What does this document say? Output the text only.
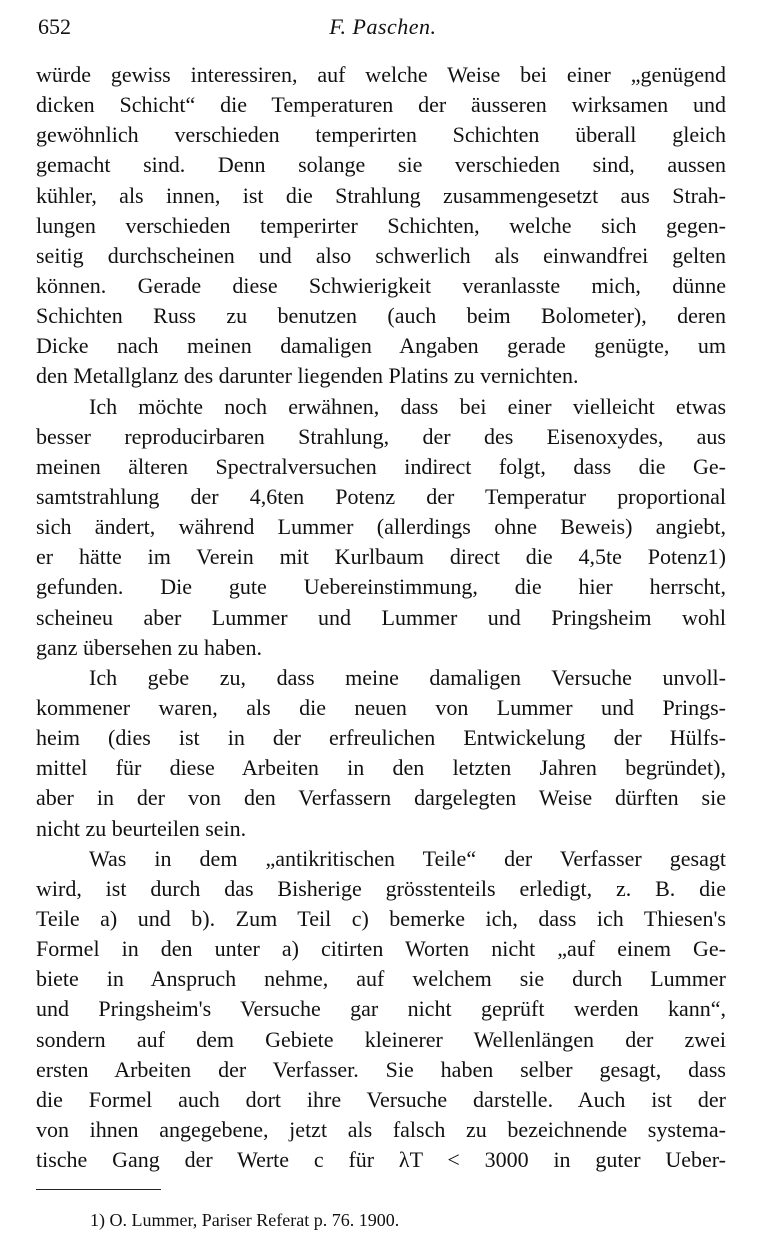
652	F. Paschen.
würde gewiss interessiren, auf welche Weise bei einer „genügend
dicken Schicht“ die Temperaturen der äusseren wirksamen und
gewöhnlich verschieden temperirten Schichten überall gleich
gemacht sind. Denn solange sie verschieden sind, aussen
kühler, als innen, ist die Strahlung zusammengesetzt aus Strah-
lungen verschieden temperirter Schichten, welche sich gegen-
seitig durchscheinen und also schwerlich als einwandfrei gelten
können. Gerade diese Schwierigkeit veranlasste mich, dünne
Schichten Russ zu benutzen (auch beim Bolometer), deren
Dicke nach meinen damaligen Angaben gerade genügte, um
den Metallglanz des darunter liegenden Platins zu vernichten.
Ich möchte noch erwähnen, dass bei einer vielleicht etwas
besser reproducirbaren Strahlung, der des Eisenoxydes, aus
meinen älteren Spectralversuchen indirect folgt, dass die Ge-
samtstrahlung der 4,6ten Potenz der Temperatur proportional
sich ändert, während Lummer (allerdings ohne Beweis) angiebt,
er hätte im Verein mit Kurlbaum direct die 4,5te Potenz1)
gefunden. Die gute Uebereinstimmung, die hier herrscht,
scheineu aber Lummer und Lummer und Pringsheim wohl
ganz übersehen zu haben.
Ich gebe zu, dass meine damaligen Versuche unvoll-
kommener waren, als die neuen von Lummer und Prings-
heim (dies ist in der erfreulichen Entwickelung der Hülfs-
mittel für diese Arbeiten in den letzten Jahren begründet),
aber in der von den Verfassern dargelegten Weise dürften sie
nicht zu beurteilen sein.
Was in dem „antikritischen Teile“ der Verfasser gesagt
wird, ist durch das Bisherige grösstenteils erledigt, z. B. die
Teile a) und b). Zum Teil c) bemerke ich, dass ich Thiesen's
Formel in den unter a) citirten Worten nicht „auf einem Ge-
biete in Anspruch nehme, auf welchem sie durch Lummer
und Pringsheim's Versuche gar nicht geprüft werden kann“,
sondern auf dem Gebiete kleinerer Wellenlängen der zwei
ersten Arbeiten der Verfasser. Sie haben selber gesagt, dass
die Formel auch dort ihre Versuche darstelle. Auch ist der
von ihnen angegebene, jetzt als falsch zu bezeichnende systema-
tische Gang der Werte c für λT < 3000 in guter Ueber-
1) O. Lummer, Pariser Referat p. 76. 1900.
